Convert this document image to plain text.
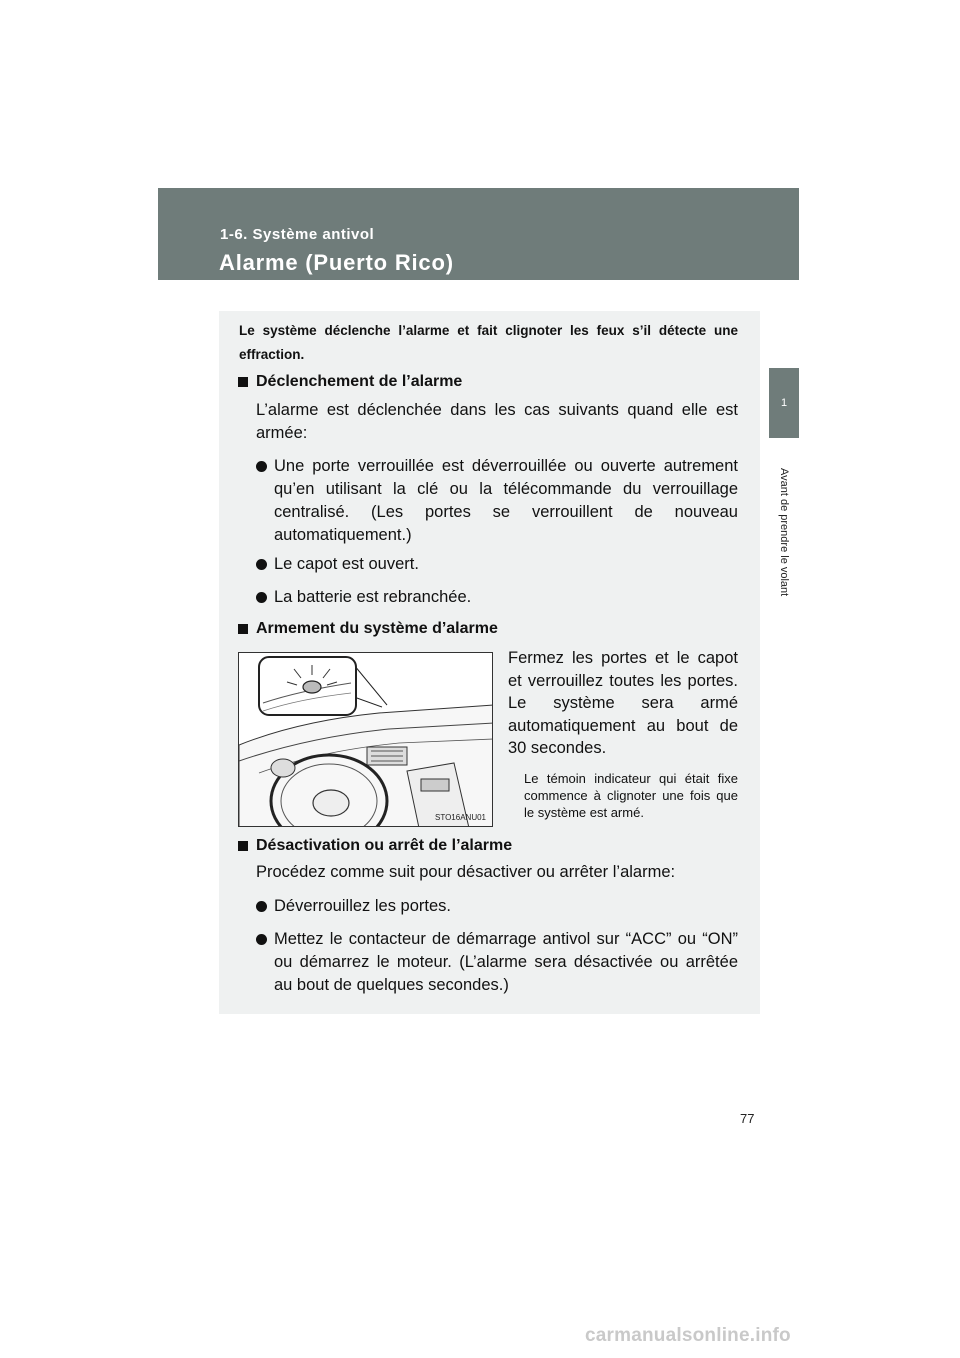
1-6. Système antivol
Alarme (Puerto Rico)
1
Avant de prendre le volant
Le système déclenche l’alarme et fait clignoter les feux s’il détecte une effraction.
Déclenchement de l’alarme
L’alarme est déclenchée dans les cas suivants quand elle est armée:
Une porte verrouillée est déverrouillée ou ouverte autrement qu’en utilisant la clé ou la télécommande du verrouillage centralisé. (Les portes se verrouillent de nouveau automatiquement.)
Le capot est ouvert.
La batterie est rebranchée.
Armement du système d’alarme
STO16ANU01
Fermez les portes et le capot et verrouillez toutes les portes. Le système sera armé automatiquement au bout de 30 secondes.
Le témoin indicateur qui était fixe commence à clignoter une fois que le système est armé.
Désactivation ou arrêt de l’alarme
Procédez comme suit pour désactiver ou arrêter l’alarme:
Déverrouillez les portes.
Mettez le contacteur de démarrage antivol sur “ACC” ou “ON” ou démarrez le moteur. (L’alarme sera désactivée ou arrêtée au bout de quelques secondes.)
77
carmanualsonline.info
